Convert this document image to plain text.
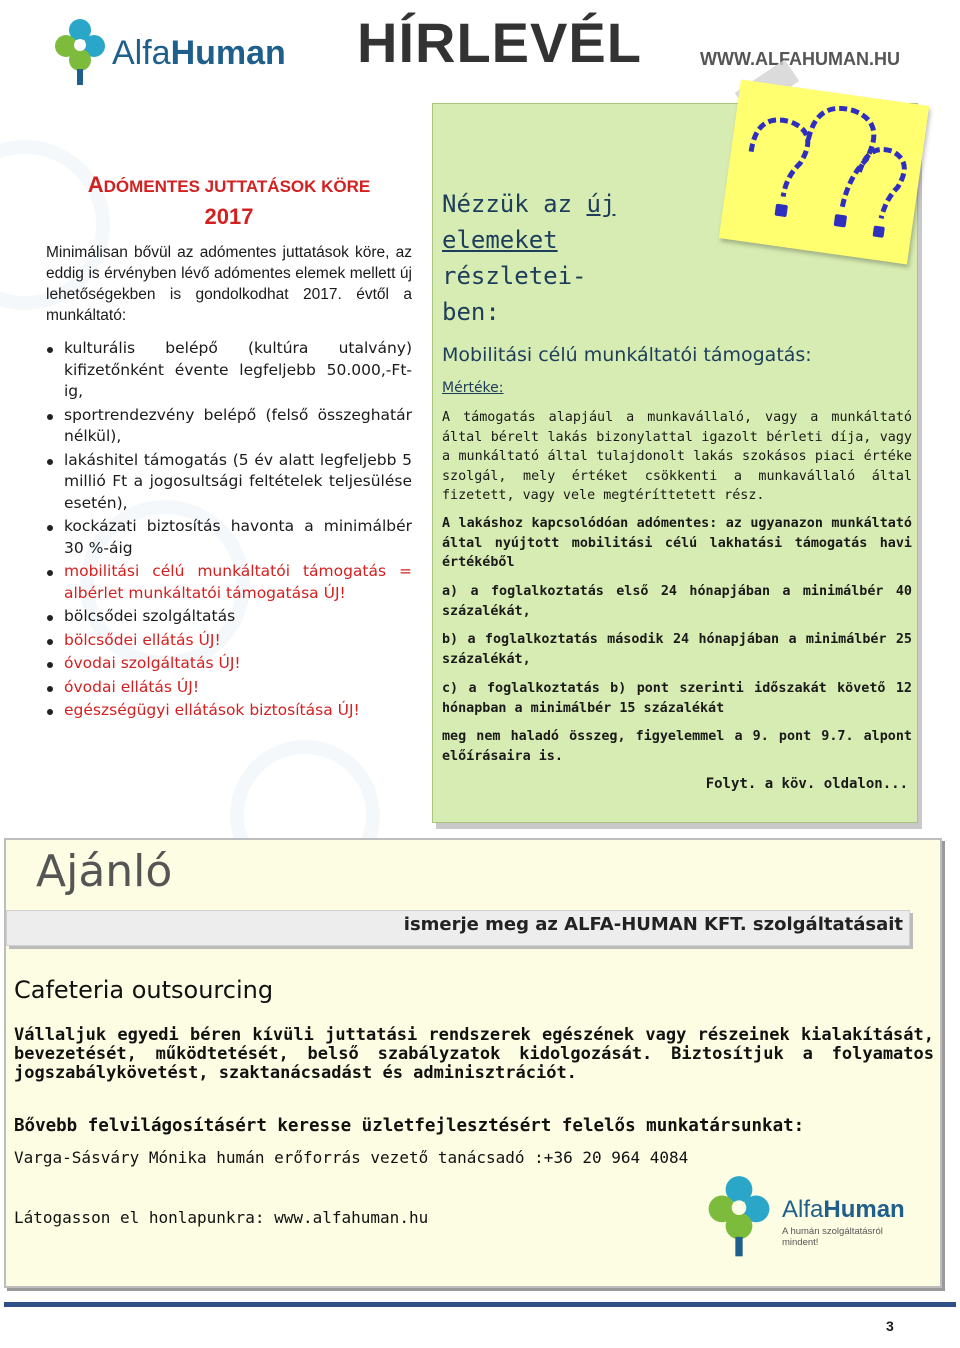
AlfaHuman HÍRLEVÉL	WWW.ALFAHUMAN.HU
ADÓMENTES JUTTATÁSOK KÖRE
2017
Minimálisan bővül az adómentes juttatások köre, az eddig is érvényben lévő adómentes elemek mellett új lehetőségekben is gondolkodhat 2017. évtől a munkáltató:
kulturális belépő (kultúra utalvány) kifizetőnként évente legfeljebb 50.000,-Ft-ig,
sportrendezvény belépő (felső összeghatár nélkül),
lakáshitel támogatás (5 év alatt legfeljebb 5 millió Ft a jogosultsági feltételek teljesülése esetén),
kockázati biztosítás havonta a minimálbér 30 %-áig
mobilitási célú munkáltatói támogatás = albérlet munkáltatói támogatása ÚJ!
bölcsődei szolgáltatás
bölcsődei ellátás ÚJ!
óvodai szolgáltatás ÚJ!
óvodai ellátás ÚJ!
egészségügyi ellátások biztosítása ÚJ!
Nézzük az új
elemeket részletei-
ben:
Mobilitási célú munkáltatói támogatás:
Mértéke:
A támogatás alapjául a munkavállaló, vagy a munkáltató által bérelt lakás bizonylattal igazolt bérleti díja, vagy a munkáltató által tulajdonolt lakás szokásos piaci értéke szolgál, mely értéket csökkenti a munkavállaló által fizetett, vagy vele megtéríttetett rész.
A lakáshoz kapcsolódóan adómentes: az ugyanazon munkáltató által nyújtott mobilitási célú lakhatási támogatás havi értékéből
a) a foglalkoztatás első 24 hónapjában a minimálbér 40 százalékát,
b) a foglalkoztatás második 24 hónapjában a minimálbér 25 százalékát,
c) a foglalkoztatás b) pont szerinti időszakát követő 12 hónapban a minimálbér 15 százalékát
meg nem haladó összeg, figyelemmel a 9. pont 9.7. alpont előírásaira is.
Folyt. a köv. oldalon...
Ajánló
ismerje meg az ALFA-HUMAN KFT. szolgáltatásait
Cafeteria outsourcing
Vállaljuk egyedi béren kívüli juttatási rendszerek egészének vagy részeinek kialakítását, bevezetését, működtetését, belső szabályzatok kidolgozását. Biztosítjuk a folyamatos jogszabálykövetést, szaktanácsadást és adminisztrációt.
Bővebb felvilágosításért keresse üzletfejlesztésért felelős munkatársunkat:
Varga-Sásváry Mónika humán erőforrás vezető tanácsadó :+36 20 964 4084
Látogasson el honlapunkra: www.alfahuman.hu	AlfaHuman
A humán szolgáltatásról mindent!
3
